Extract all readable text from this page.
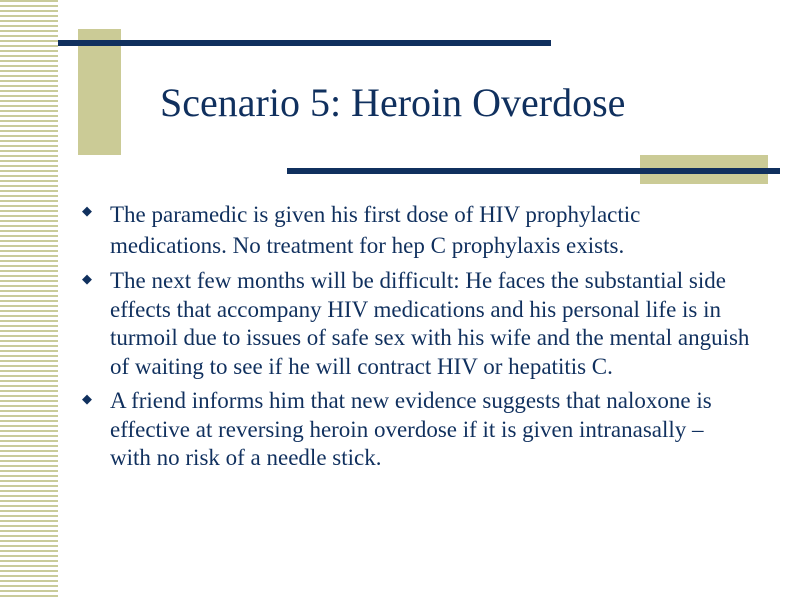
Scenario 5: Heroin Overdose
◆ The paramedic is given his first dose of HIV prophylactic medications. No treatment for hep C prophylaxis exists.
◆ The next few months will be difficult: He faces the substantial side effects that accompany HIV medications and his personal life is in turmoil due to issues of safe sex with his wife and the mental anguish of waiting to see if he will contract HIV or hepatitis C.
◆ A friend informs him that new evidence suggests that naloxone is effective at reversing heroin overdose if it is given intranasally – with no risk of a needle stick.
